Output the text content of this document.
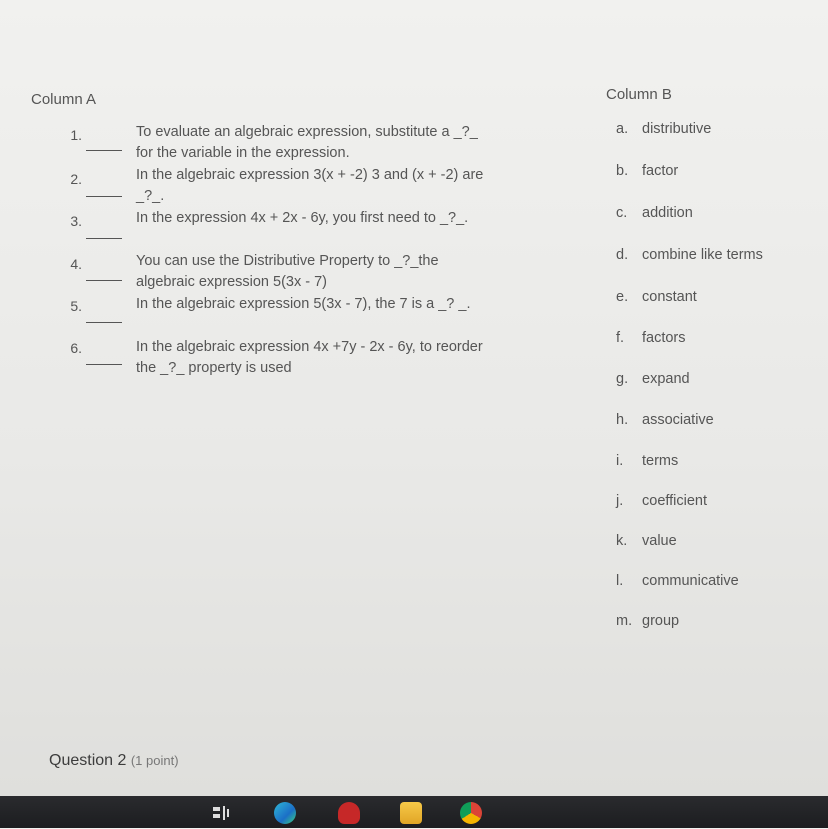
Column A
1.	To evaluate an algebraic expression, substitute a _?_ for the variable in the expression.
2.	In the algebraic expression 3(x + -2) 3 and (x + -2) are _?_.
3.	In the expression 4x + 2x - 6y, you first need to _?_.
4.	You can use the Distributive Property to _?_the algebraic expression 5(3x - 7)
5.	In the algebraic expression 5(3x - 7), the 7 is a _? _.
6.	In the algebraic expression 4x +7y - 2x - 6y, to reorder the _?_ property is used
Column B
a. distributive
b. factor
c. addition
d. combine like terms
e. constant
f. factors
g. expand
h. associative
i. terms
j. coefficient
k. value
l. communicative
m. group
Question 2 (1 point)
